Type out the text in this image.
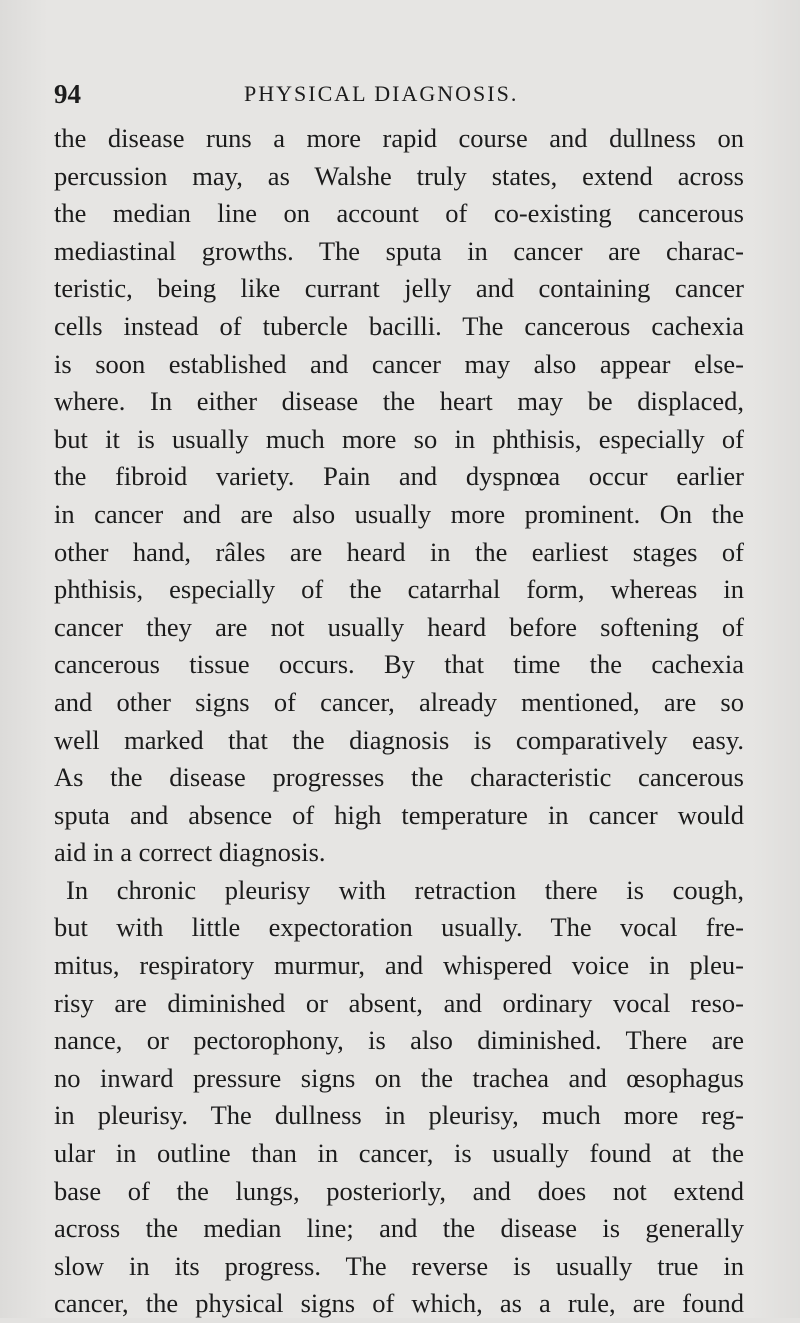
94	PHYSICAL DIAGNOSIS.
the disease runs a more rapid course and dullness on
percussion may, as Walshe truly states, extend across
the median line on account of co-existing cancerous
mediastinal growths. The sputa in cancer are charac-
teristic, being like currant jelly and containing cancer
cells instead of tubercle bacilli. The cancerous cachexia
is soon established and cancer may also appear else-
where. In either disease the heart may be displaced,
but it is usually much more so in phthisis, especially of
the fibroid variety. Pain and dyspnœa occur earlier
in cancer and are also usually more prominent. On the
other hand, râles are heard in the earliest stages of
phthisis, especially of the catarrhal form, whereas in
cancer they are not usually heard before softening of
cancerous tissue occurs. By that time the cachexia
and other signs of cancer, already mentioned, are so
well marked that the diagnosis is comparatively easy.
As the disease progresses the characteristic cancerous
sputa and absence of high temperature in cancer would
aid in a correct diagnosis.
In chronic pleurisy with retraction there is cough,
but with little expectoration usually. The vocal fre-
mitus, respiratory murmur, and whispered voice in pleu-
risy are diminished or absent, and ordinary vocal reso-
nance, or pectorophony, is also diminished. There are
no inward pressure signs on the trachea and œsophagus
in pleurisy. The dullness in pleurisy, much more reg-
ular in outline than in cancer, is usually found at the
base of the lungs, posteriorly, and does not extend
across the median line; and the disease is generally
slow in its progress. The reverse is usually true in
cancer, the physical signs of which, as a rule, are found
